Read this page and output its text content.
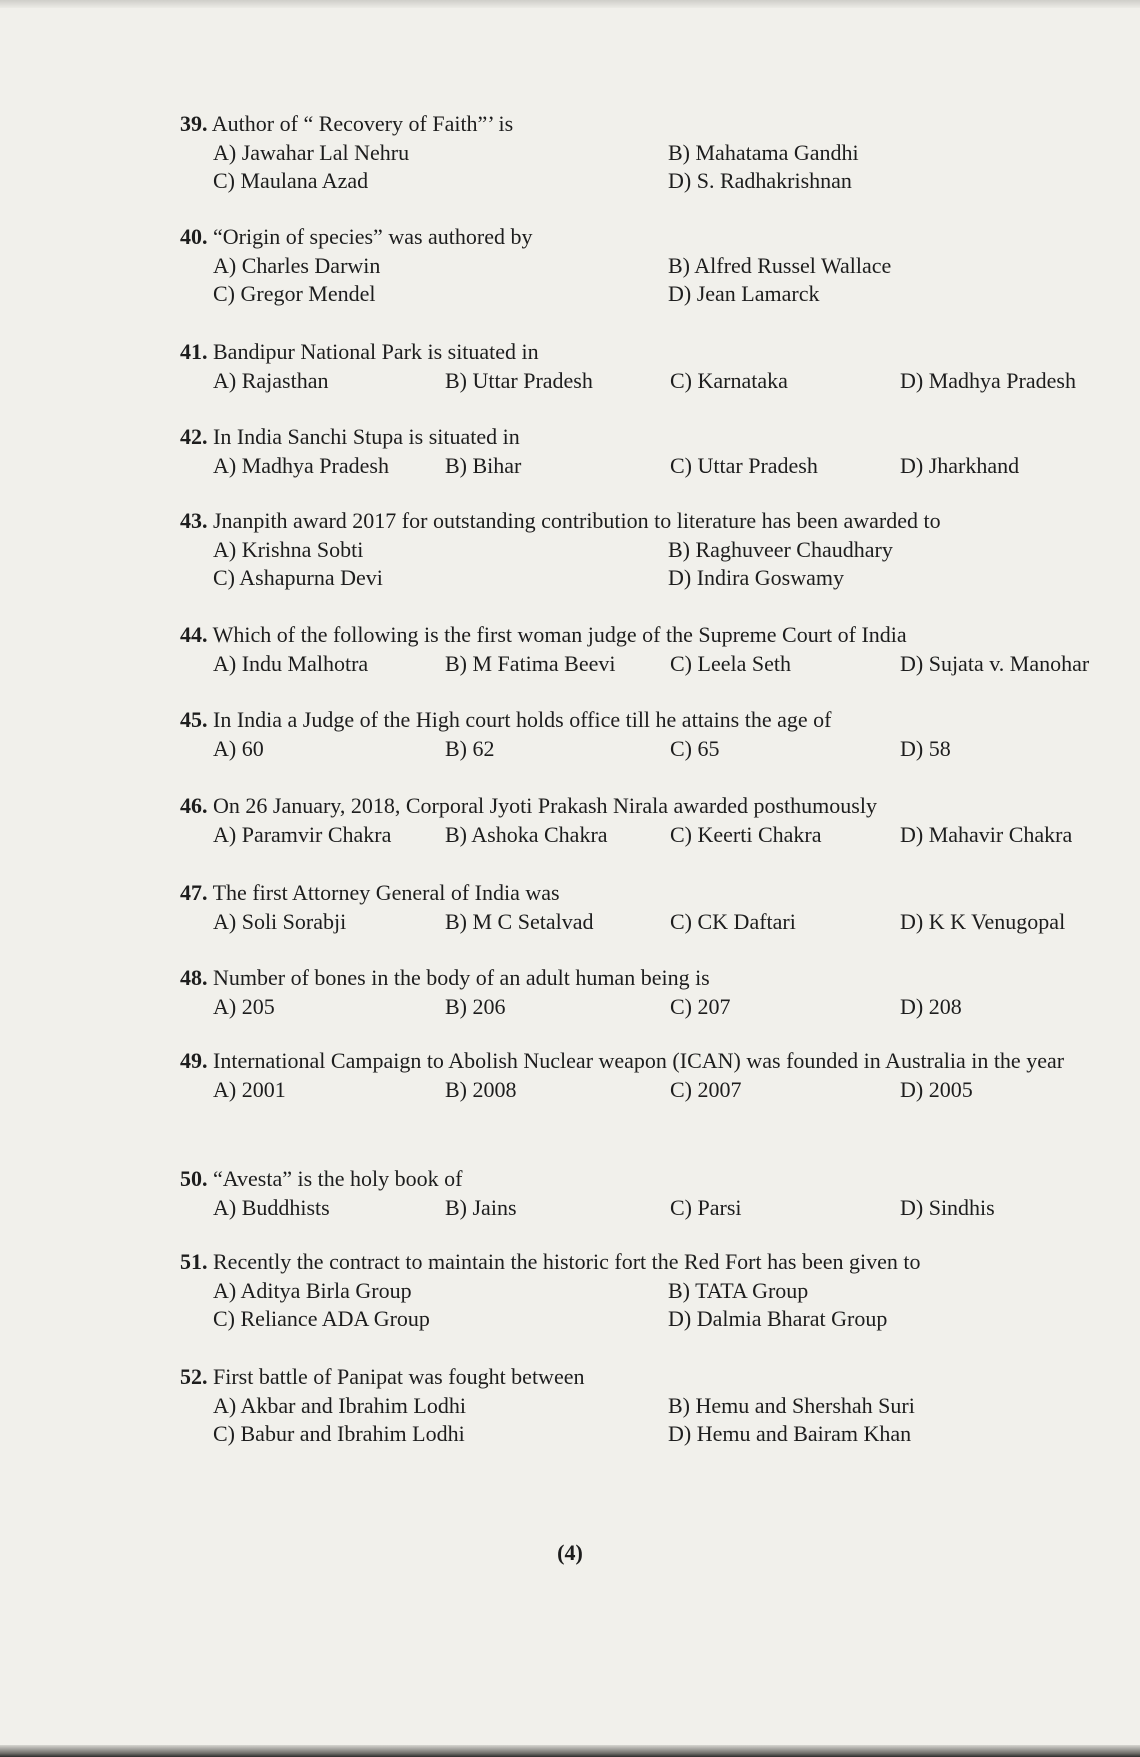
39. Author of “ Recovery of Faith”’ is
A) Jawahar Lal Nehru	B) Mahatama Gandhi
C) Maulana Azad	D) S. Radhakrishnan
40. “Origin of species” was authored by
A) Charles Darwin	B) Alfred Russel Wallace
C) Gregor Mendel	D) Jean Lamarck
41. Bandipur National Park is situated in
A) Rajasthan	B) Uttar Pradesh	C) Karnataka	D) Madhya Pradesh
42. In India Sanchi Stupa is situated in
A) Madhya Pradesh	B) Bihar	C) Uttar Pradesh	D) Jharkhand
43. Jnanpith award 2017 for outstanding contribution to literature has been awarded to
A) Krishna Sobti	B) Raghuveer Chaudhary
C) Ashapurna Devi	D) Indira Goswamy
44. Which of the following is the first woman judge of the Supreme Court of India
A) Indu Malhotra	B) M Fatima Beevi	C) Leela Seth	D) Sujata v. Manohar
45. In India a Judge of the High court holds office till he attains the age of
A) 60	B) 62	C) 65	D) 58
46. On 26 January, 2018, Corporal Jyoti Prakash Nirala awarded posthumously
A) Paramvir Chakra	B) Ashoka Chakra	C) Keerti Chakra	D) Mahavir Chakra
47. The first Attorney General of India was
A) Soli Sorabji	B) M C Setalvad	C) CK Daftari	D) K K Venugopal
48. Number of bones in the body of an adult human being is
A) 205	B) 206	C) 207	D) 208
49. International Campaign to Abolish Nuclear weapon (ICAN) was founded in Australia in the year
A) 2001	B) 2008	C) 2007	D) 2005
50. “Avesta” is the holy book of
A) Buddhists	B) Jains	C) Parsi	D) Sindhis
51. Recently the contract to maintain the historic fort the Red Fort has been given to
A) Aditya Birla Group	B) TATA Group
C) Reliance ADA Group	D) Dalmia Bharat Group
52. First battle of Panipat was fought between
A) Akbar and Ibrahim Lodhi	B) Hemu and Shershah Suri
C) Babur and Ibrahim Lodhi	D) Hemu and Bairam Khan
(4)
